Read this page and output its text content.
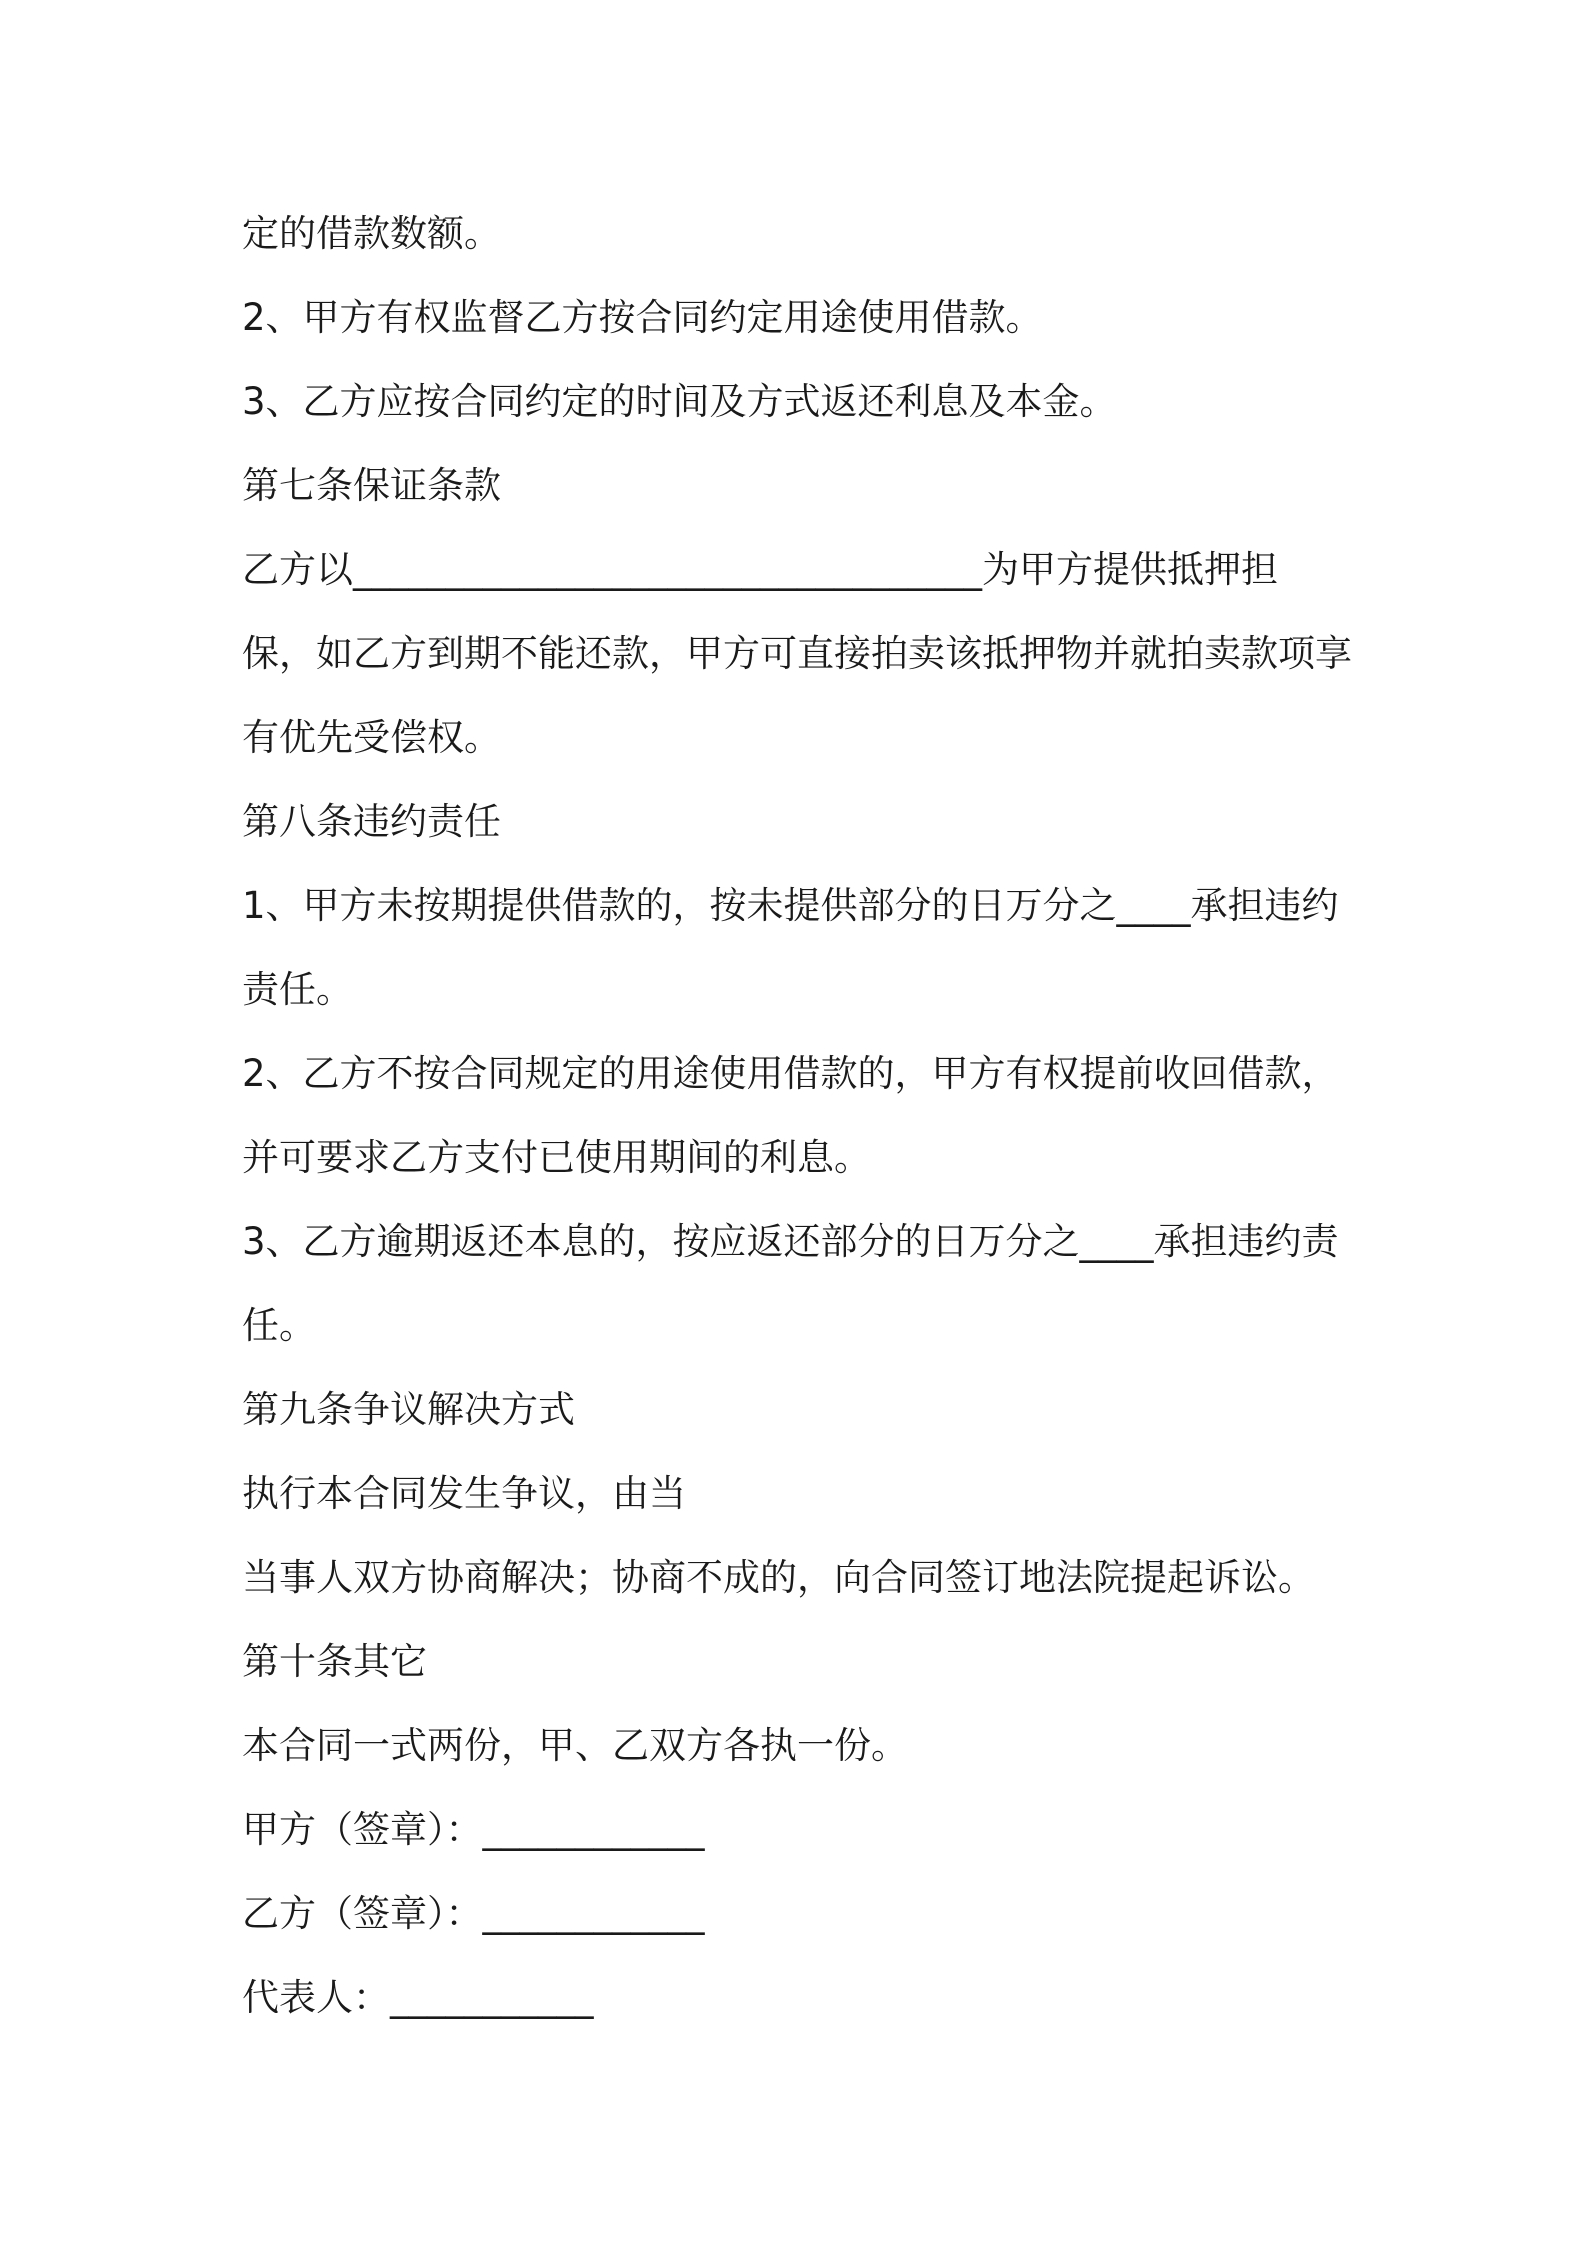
定的借款数额。

2、甲方有权监督乙方按合同约定用途使用借款。

3、乙方应按合同约定的时间及方式返还利息及本金。

第七条保证条款

乙方以__________________________________为甲方提供抵押担

保，如乙方到期不能还款，甲方可直接拍卖该抵押物并就拍卖款项享

有优先受偿权。

第八条违约责任

1、甲方未按期提供借款的，按未提供部分的日万分之____承担违约

责任。

2、乙方不按合同规定的用途使用借款的，甲方有权提前收回借款，

并可要求乙方支付已使用期间的利息。

3、乙方逾期返还本息的，按应返还部分的日万分之____承担违约责

任。

第九条争议解决方式

执行本合同发生争议，由当

当事人双方协商解决；协商不成的，向合同签订地法院提起诉讼。

第十条其它

本合同一式两份，甲、乙双方各执一份。

甲方（签章）：____________

乙方（签章）：____________

代表人：___________
